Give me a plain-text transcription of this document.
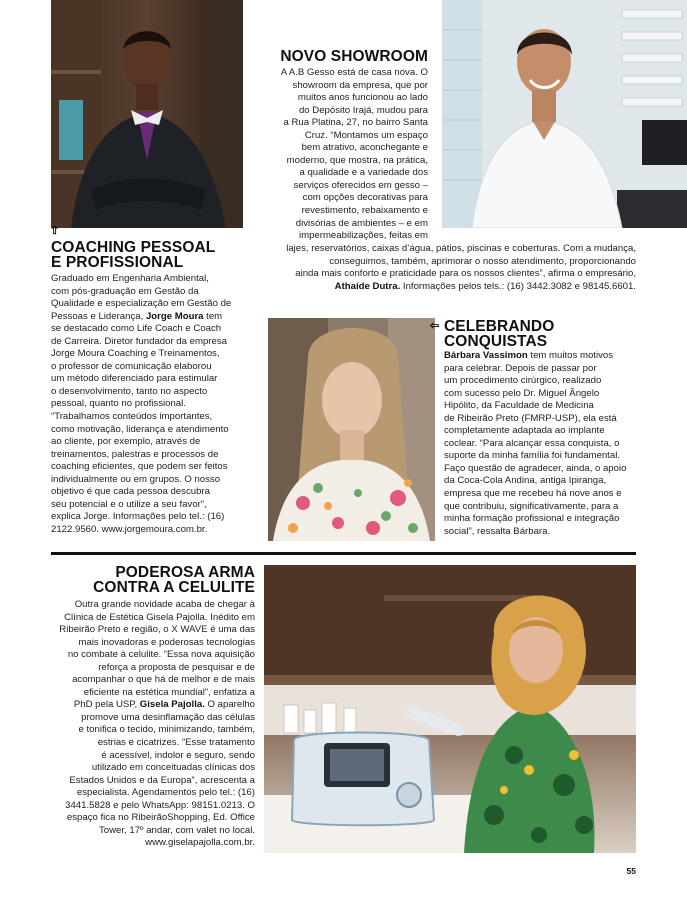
⇧
COACHING PESSOAL
E PROFISSIONAL
Graduado em Engenharia Ambiental,
com pós-graduação em Gestão da
Qualidade e especialização em Gestão de
Pessoas e Liderança, Jorge Moura tem
se destacado como Life Coach e Coach
de Carreira. Diretor fundador da empresa
Jorge Moura Coaching e Treinamentos,
o professor de comunicação elaborou
um método diferenciado para estimular
o desenvolvimento, tanto no aspecto
pessoal, quanto no profissional.
“Trabalhamos conteúdos importantes,
como motivação, liderança e atendimento
ao cliente, por exemplo, através de
treinamentos, palestras e processos de
coaching eficientes, que podem ser feitos
individualmente ou em grupos. O nosso
objetivo é que cada pessoa descubra
seu potencial e o utilize a seu favor”,
explica Jorge. Informações pelo tel.: (16)
2122.9560. www.jorgemoura.com.br.
NOVO SHOWROOM
A A.B Gesso está de casa nova. O
showroom da empresa, que por
muitos anos funcionou ao lado
do Depósito Irajá, mudou para
a Rua Platina, 27, no bairro Santa
Cruz. “Montamos um espaço
bem atrativo, aconchegante e
moderno, que mostra, na prática,
a qualidade e a variedade dos
serviços oferecidos em gesso –
com opções decorativas para
revestimento, rebaixamento e
divisórias de ambientes – e em
impermeabilizações, feitas em
lajes, reservatórios, caixas d’água, pátios, piscinas e coberturas. Com a mudança,
conseguimos, também, aprimorar o nosso atendimento, proporcionando
ainda mais conforto e praticidade para os nossos clientes”, afirma o empresário,
Athaíde Dutra. Informações pelos tels.: (16) 3442.3082 e 98145.6601.
⇦ CELEBRANDO
CONQUISTAS
Bárbara Vassimon tem muitos motivos
para celebrar. Depois de passar por
um procedimento cirúrgico, realizado
com sucesso pelo Dr. Miguel Ângelo
Hipólito, da Faculdade de Medicina
de Ribeirão Preto (FMRP-USP), ela está
completamente adaptada ao implante
coclear. “Para alcançar essa conquista, o
suporte da minha família foi fundamental.
Faço questão de agradecer, ainda, o apoio
da Coca-Cola Andina, antiga Ipiranga,
empresa que me recebeu há nove anos e
que contribuiu, significativamente, para a
minha formação profissional e integração
social”, ressalta Bárbara.
PODEROSA ARMA
CONTRA A CELULITE
Outra grande novidade acaba de chegar à
Clínica de Estética Gisela Pajolla. Inédito em
Ribeirão Preto e região, o X WAVE é uma das
mais inovadoras e poderosas tecnologias
no combate à celulite. “Essa nova aquisição
reforça a proposta de pesquisar e de
acompanhar o que há de melhor e de mais
eficiente na estética mundial”, enfatiza a
PhD pela USP, Gisela Pajolla. O aparelho
promove uma desinflamação das células
e tonifica o tecido, minimizando, também,
estrias e cicatrizes. “Esse tratamento
é acessível, indolor e seguro, sendo
utilizado em conceituadas clínicas dos
Estados Unidos e da Europa”, acrescenta a
especialista. Agendamentos pelo tel.: (16)
3441.5828 e pelo WhatsApp: 98151.0213. O
espaço fica no RibeirãoShopping, Ed. Office
Tower, 17º andar, com valet no local.
www.giselapajolla.com.br.
55
